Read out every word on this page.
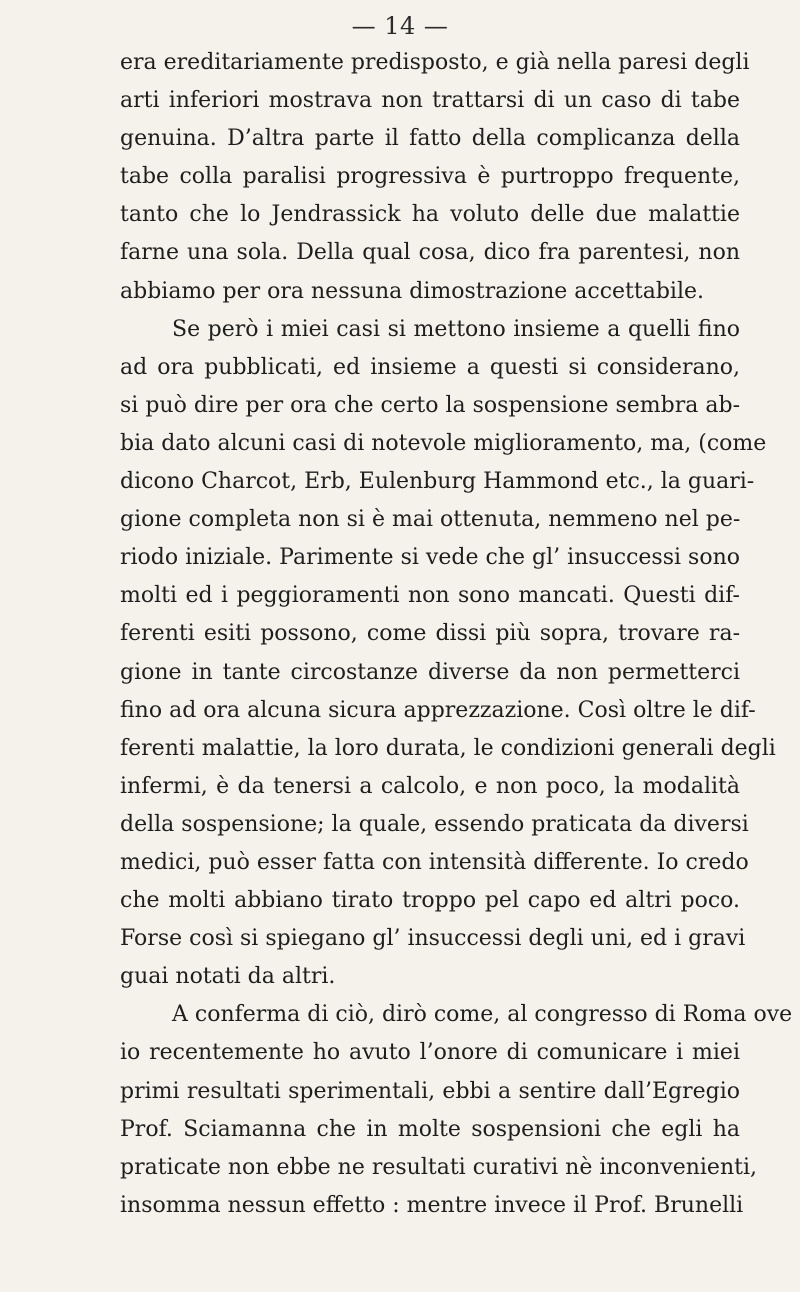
— 14 —
era ereditariamente predisposto, e già nella paresi degli
arti inferiori mostrava non trattarsi di un caso di tabe
genuina. D’altra parte il fatto della complicanza della
tabe colla paralisi progressiva è purtroppo frequente,
tanto che lo Jendrassick ha voluto delle due malattie
farne una sola. Della qual cosa, dico fra parentesi, non
abbiamo per ora nessuna dimostrazione accettabile.
Se però i miei casi si mettono insieme a quelli fino
ad ora pubblicati, ed insieme a questi si considerano,
si può dire per ora che certo la sospensione sembra ab-
bia dato alcuni casi di notevole miglioramento, ma, (come
dicono Charcot, Erb, Eulenburg Hammond etc., la guari-
gione completa non si è mai ottenuta, nemmeno nel pe-
riodo iniziale. Parimente si vede che gl’ insuccessi sono
molti ed i peggioramenti non sono mancati. Questi dif-
ferenti esiti possono, come dissi più sopra, trovare ra-
gione in tante circostanze diverse da non permetterci
fino ad ora alcuna sicura apprezzazione. Così oltre le dif-
ferenti malattie, la loro durata, le condizioni generali degli
infermi, è da tenersi a calcolo, e non poco, la modalità
della sospensione; la quale, essendo praticata da diversi
medici, può esser fatta con intensità differente. Io credo
che molti abbiano tirato troppo pel capo ed altri poco.
Forse così si spiegano gl’ insuccessi degli uni, ed i gravi
guai notati da altri.
A conferma di ciò, dirò come, al congresso di Roma ove
io recentemente ho avuto l’onore di comunicare i miei
primi resultati sperimentali, ebbi a sentire dall’Egregio
Prof. Sciamanna che in molte sospensioni che egli ha
praticate non ebbe ne resultati curativi nè inconvenienti,
insomma nessun effetto : mentre invece il Prof. Brunelli
